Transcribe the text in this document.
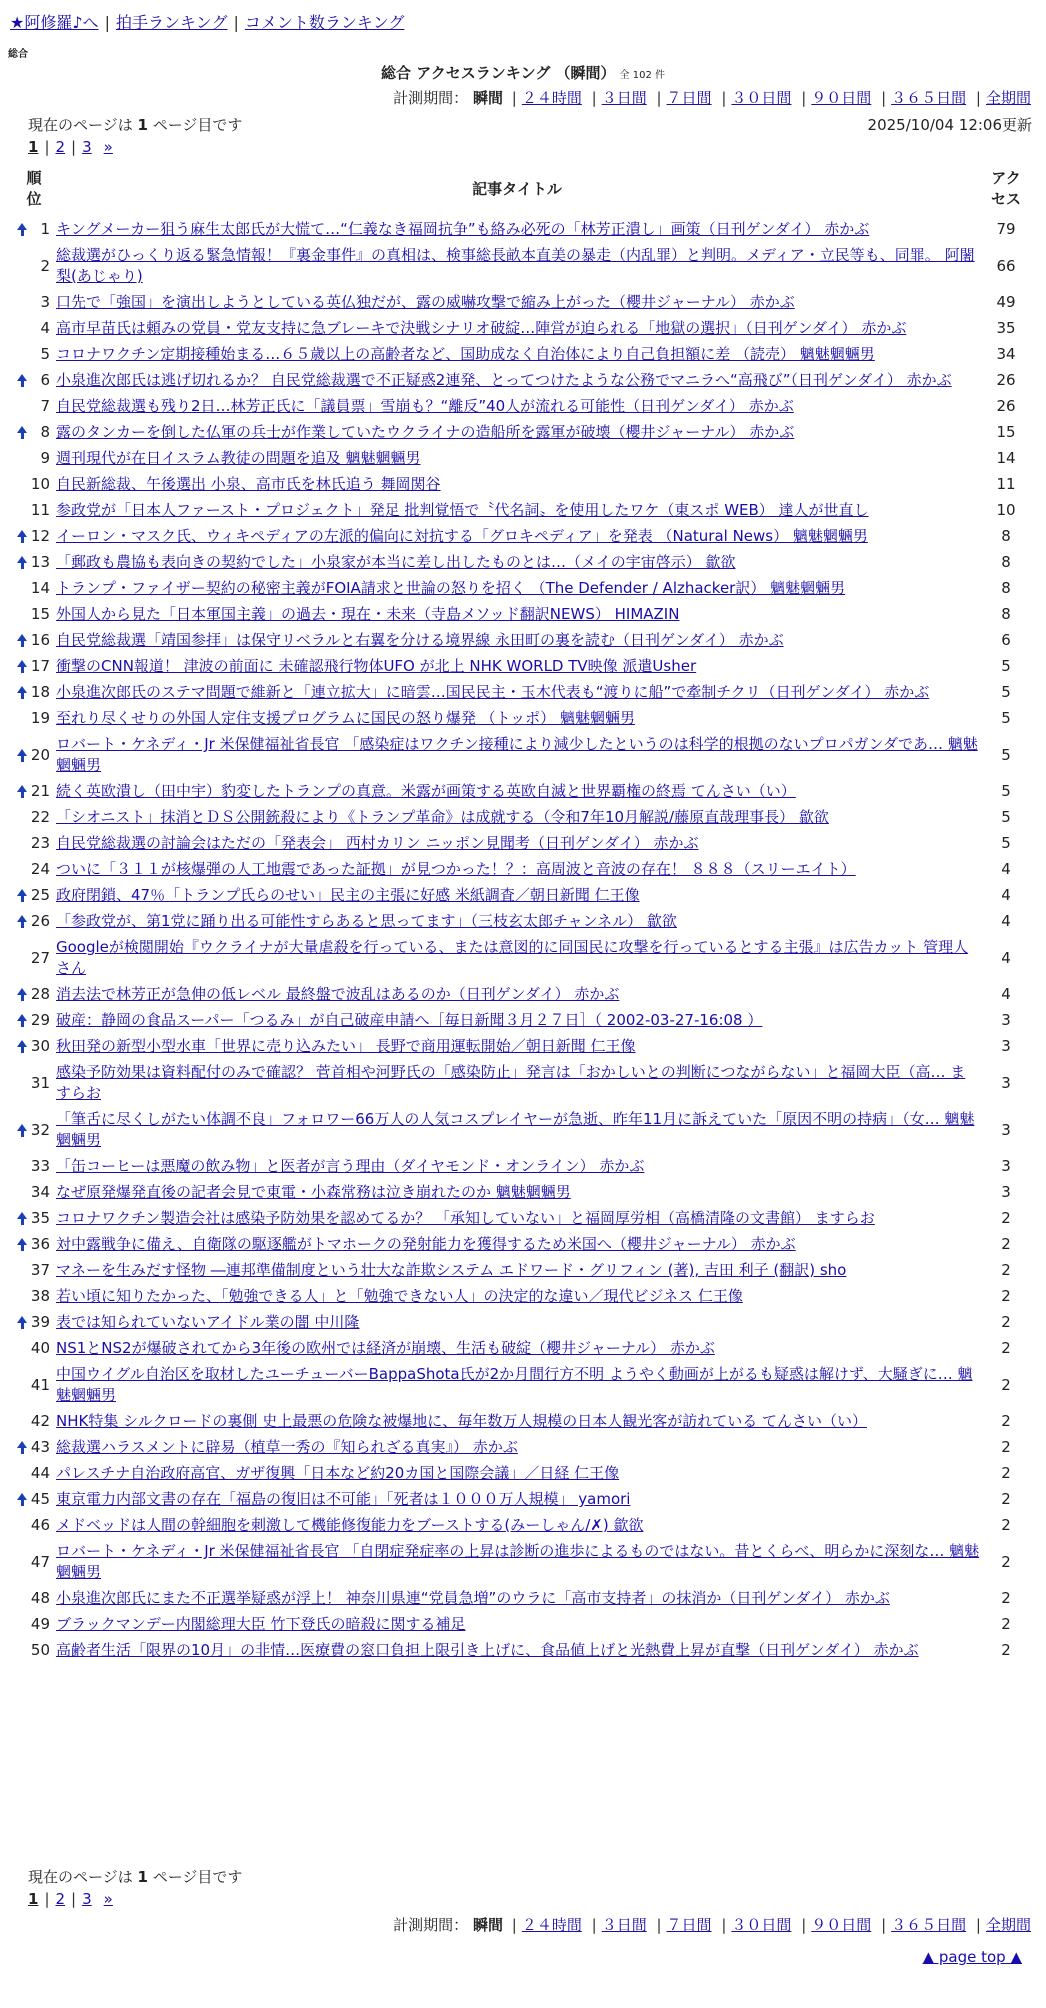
★阿修羅♪へ | 拍手ランキング | コメント数ランキング
総合
総合 アクセスランキング （瞬間） 全 102 件
計測期間： 瞬間 | ２４時間 | ３日間 | ７日間 | ３０日間 | ９０日間 | ３６５日間 | 全期間
現在のページは 1 ページ目です	2025/10/04 12:06更新
1 | 2 | 3 »
順位		記事タイトル	アクセス
	1	キングメーカー狙う麻生太郎氏が大慌て…“仁義なき福岡抗争”も絡み必死の「林芳正潰し」画策（日刊ゲンダイ） 赤かぶ	79
	2	総裁選がひっくり返る緊急情報！『裏金事件』の真相は、検事総長畝本直美の暴走（内乱罪）と判明。メディア・立民等も、同罪。 阿闍梨(あじゃり)	66
	3	口先で「強国」を演出しようとしている英仏独だが、露の威嚇攻撃で縮み上がった（櫻井ジャーナル） 赤かぶ	49
	4	高市早苗氏は頼みの党員・党友支持に急ブレーキで決戦シナリオ破綻…陣営が迫られる「地獄の選択」（日刊ゲンダイ） 赤かぶ	35
	5	コロナワクチン定期接種始まる…６５歳以上の高齢者など、国助成なく自治体により自己負担額に差 （読売） 魑魅魍魎男	34
	6	小泉進次郎氏は逃げ切れるか？ 自民党総裁選で不正疑惑2連発、とってつけたような公務でマニラへ“高飛び”（日刊ゲンダイ） 赤かぶ	26
	7	自民党総裁選も残り2日…林芳正氏に「議員票」雪崩も？“離反”40人が流れる可能性（日刊ゲンダイ） 赤かぶ	26
	8	露のタンカーを倒した仏軍の兵士が作業していたウクライナの造船所を露軍が破壊（櫻井ジャーナル） 赤かぶ	15
	9	週刊現代が在日イスラム教徒の問題を追及 魑魅魍魎男	14
	10	自民新総裁、午後選出 小泉、高市氏を林氏追う 舞岡関谷	11
	11	参政党が「日本人ファースト・プロジェクト」発足 批判覚悟で〝代名詞〟を使用したワケ（東スポ WEB） 達人が世直し	10
	12	イーロン・マスク氏、ウィキペディアの左派的偏向に対抗する「グロキペディア」を発表 （Natural News） 魑魅魍魎男	8
	13	「郵政も農協も表向きの契約でした」小泉家が本当に差し出したものとは…（メイの宇宙啓示） 歙欲	8
	14	トランプ・ファイザー契約の秘密主義がFOIA請求と世論の怒りを招く （The Defender / Alzhacker訳） 魑魅魍魎男	8
	15	外国人から見た「日本軍国主義」の過去・現在・未来（寺島メソッド翻訳NEWS） HIMAZIN	8
	16	自民党総裁選「靖国参拝」は保守リベラルと右翼を分ける境界線 永田町の裏を読む（日刊ゲンダイ） 赤かぶ	6
	17	衝撃のCNN報道！ 津波の前面に 未確認飛行物体UFO が北上 NHK WORLD TV映像 派遣Usher	5
	18	小泉進次郎氏のステマ問題で維新と「連立拡大」に暗雲…国民民主・玉木代表も“渡りに船”で牽制チクリ（日刊ゲンダイ） 赤かぶ	5
	19	至れり尽くせりの外国人定住支援プログラムに国民の怒り爆発 （トッポ） 魑魅魍魎男	5
	20	ロバート・ケネディ・Jr 米保健福祉省長官 「感染症はワクチン接種により減少したというのは科学的根拠のないプロパガンダであ… 魑魅魍魎男	5
	21	続く英欧潰し（田中宇）豹変したトランプの真意。米露が画策する英欧自滅と世界覇権の終焉 てんさい（い）	5
	22	「シオニスト」抹消とＤＳ公開銃殺により《トランプ革命》は成就する（令和7年10月解説/藤原直哉理事長） 歙欲	5
	23	自民党総裁選の討論会はただの「発表会」 西村カリン ニッポン見聞考（日刊ゲンダイ） 赤かぶ	5
	24	ついに「３１１が核爆弾の人工地震であった証拠」が見つかった！？：高周波と音波の存在！ ８８８（スリーエイト）	4
	25	政府閉鎖、47％「トランプ氏らのせい」民主の主張に好感 米紙調査／朝日新聞 仁王像	4
	26	「参政党が、第1党に踊り出る可能性すらあると思ってます」（三枝玄太郎チャンネル） 歙欲	4
	27	Googleが検閲開始『ウクライナが大量虐殺を行っている、または意図的に同国民に攻撃を行っているとする主張』は広告カット 管理人さん	4
	28	消去法で林芳正が急伸の低レベル 最終盤で波乱はあるのか（日刊ゲンダイ） 赤かぶ	4
	29	破産：静岡の食品スーパー「つるみ」が自己破産申請へ［毎日新聞３月２７日］（ 2002-03-27-16:08 ）	3
	30	秋田発の新型小型水車「世界に売り込みたい」 長野で商用運転開始／朝日新聞 仁王像	3
	31	感染予防効果は資料配付のみで確認？ 菅首相や河野氏の「感染防止」発言は「おかしいとの判断につながらない」と福岡大臣（高… ますらお	3
	32	「筆舌に尽くしがたい体調不良」フォロワー66万人の人気コスプレイヤーが急逝、昨年11月に訴えていた「原因不明の持病」（女… 魑魅魍魎男	3
	33	「缶コーヒーは悪魔の飲み物」と医者が言う理由（ダイヤモンド・オンライン） 赤かぶ	3
	34	なぜ原発爆発直後の記者会見で東電・小森常務は泣き崩れたのか 魑魅魍魎男	3
	35	コロナワクチン製造会社は感染予防効果を認めてるか？ 「承知していない」と福岡厚労相（高橋清隆の文書館） ますらお	2
	36	対中露戦争に備え、自衛隊の駆逐艦がトマホークの発射能力を獲得するため米国へ（櫻井ジャーナル） 赤かぶ	2
	37	マネーを生みだす怪物 ―連邦準備制度という壮大な詐欺システム エドワード・グリフィン (著), 吉田 利子 (翻訳) sho	2
	38	若い頃に知りたかった、「勉強できる人」と「勉強できない人」の決定的な違い／現代ビジネス 仁王像	2
	39	表では知られていないアイドル業の闇 中川隆	2
	40	NS1とNS2が爆破されてから3年後の欧州では経済が崩壊、生活も破綻（櫻井ジャーナル） 赤かぶ	2
	41	中国ウイグル自治区を取材したユーチューバーBappaShota氏が2か月間行方不明 ようやく動画が上がるも疑惑は解けず、大騒ぎに… 魑魅魍魎男	2
	42	NHK特集 シルクロードの裏側 史上最悪の危険な被爆地に、毎年数万人規模の日本人観光客が訪れている てんさい（い）	2
	43	総裁選ハラスメントに辟易（植草一秀の『知られざる真実』） 赤かぶ	2
	44	パレスチナ自治政府高官、ガザ復興「日本など約20カ国と国際会議」／日経 仁王像	2
	45	東京電力内部文書の存在「福島の復旧は不可能」「死者は１０００万人規模」 yamori	2
	46	メドベッドは人間の幹細胞を刺激して機能修復能力をブーストする(みーしゃん/✗) 歙欲	2
	47	ロバート・ケネディ・Jr 米保健福祉省長官 「自閉症発症率の上昇は診断の進歩によるものではない。昔とくらべ、明らかに深刻な… 魑魅魍魎男	2
	48	小泉進次郎氏にまた不正選挙疑惑が浮上！ 神奈川県連“党員急増”のウラに「高市支持者」の抹消か（日刊ゲンダイ） 赤かぶ	2
	49	ブラックマンデー内閣総理大臣 竹下登氏の暗殺に関する補足	2
	50	高齢者生活「限界の10月」の非情…医療費の窓口負担上限引き上げに、食品値上げと光熱費上昇が直撃（日刊ゲンダイ） 赤かぶ	2
現在のページは 1 ページ目です
1 | 2 | 3 »
計測期間： 瞬間 | ２４時間 | ３日間 | ７日間 | ３０日間 | ９０日間 | ３６５日間 | 全期間
▲ page top ▲
